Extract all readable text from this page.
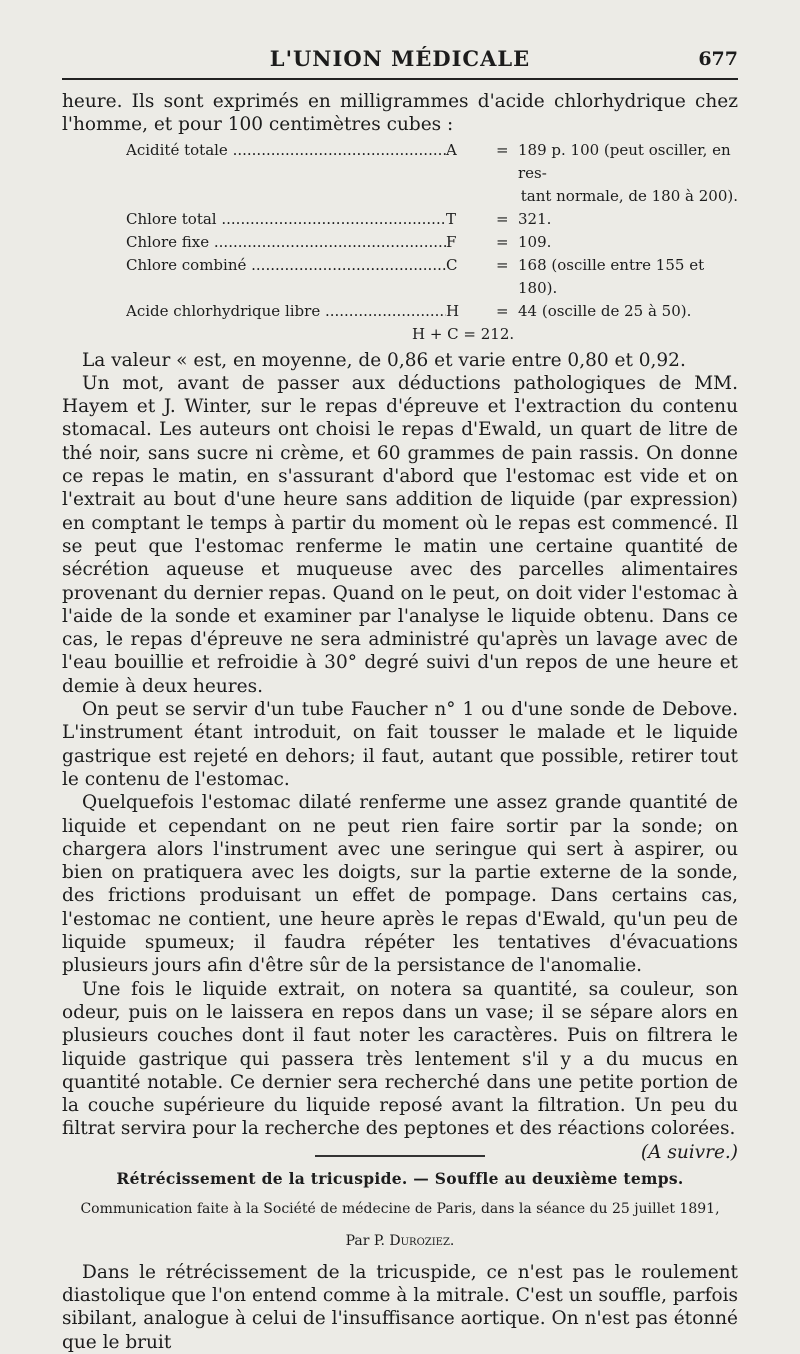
L'UNION MÉDICALE	677

heure. Ils sont exprimés en milligrammes d'acide chlorhydrique chez l'homme, et pour 100 centimètres cubes :

Acidité totale .....	A	= 189 p. 100 (peut osciller, en res-
tant normale, de 180 à 200).
Chlore total .....	T	= 321.
Chlore fixe .....	F	= 109.
Chlore combiné .....	C	= 168 (oscille entre 155 et 180).
Acide chlorhydrique libre .....	H	= 44 (oscille de 25 à 50).
H + C = 212.

La valeur « est, en moyenne, de 0,86 et varie entre 0,80 et 0,92.

Un mot, avant de passer aux déductions pathologiques de MM. Hayem et J. Winter, sur le repas d'épreuve et l'extraction du contenu stomacal. Les auteurs ont choisi le repas d'Ewald, un quart de litre de thé noir, sans sucre ni crème, et 60 grammes de pain rassis. On donne ce repas le matin, en s'assurant d'abord que l'estomac est vide et on l'extrait au bout d'une heure sans addition de liquide (par expression) en comptant le temps à partir du moment où le repas est commencé. Il se peut que l'estomac renferme le matin une certaine quantité de sécrétion aqueuse et muqueuse avec des parcelles alimentaires provenant du dernier repas. Quand on le peut, on doit vider l'estomac à l'aide de la sonde et examiner par l'analyse le liquide obtenu. Dans ce cas, le repas d'épreuve ne sera administré qu'après un lavage avec de l'eau bouillie et refroidie à 30° degré suivi d'un repos de une heure et demie à deux heures.

On peut se servir d'un tube Faucher n° 1 ou d'une sonde de Debove. L'instrument étant introduit, on fait tousser le malade et le liquide gastrique est rejeté en dehors; il faut, autant que possible, retirer tout le contenu de l'estomac.

Quelquefois l'estomac dilaté renferme une assez grande quantité de liquide et cependant on ne peut rien faire sortir par la sonde; on chargera alors l'instrument avec une seringue qui sert à aspirer, ou bien on pratiquera avec les doigts, sur la partie externe de la sonde, des frictions produisant un effet de pompage. Dans certains cas, l'estomac ne contient, une heure après le repas d'Ewald, qu'un peu de liquide spumeux; il faudra répéter les tentatives d'évacuations plusieurs jours afin d'être sûr de la persistance de l'anomalie.

Une fois le liquide extrait, on notera sa quantité, sa couleur, son odeur, puis on le laissera en repos dans un vase; il se sépare alors en plusieurs couches dont il faut noter les caractères. Puis on filtrera le liquide gastrique qui passera très lentement s'il y a du mucus en quantité notable. Ce dernier sera recherché dans une petite portion de la couche supérieure du liquide reposé avant la filtration. Un peu du filtrat servira pour la recherche des peptones et des réactions colorées.
(A suivre.)

Rétrécissement de la tricuspide. — Souffle au deuxième temps.
Communication faite à la Société de médecine de Paris, dans la séance du 25 juillet 1891,
Par P. Duroziez.

Dans le rétrécissement de la tricuspide, ce n'est pas le roulement diastolique que l'on entend comme à la mitrale. C'est un souffle, parfois sibilant, analogue à celui de l'insuffisance aortique. On n'est pas étonné que le bruit
